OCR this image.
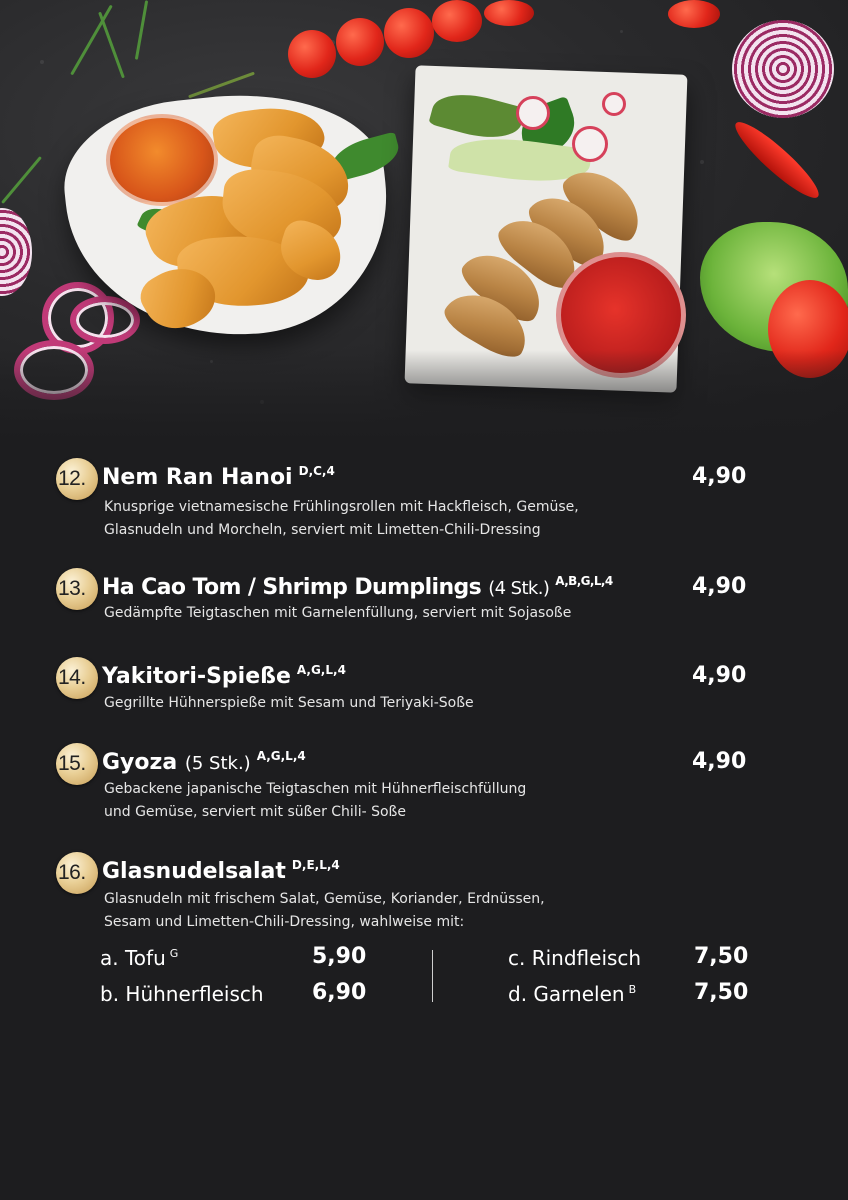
12. Nem Ran Hanoi $^{D,C,4}$	4,90
Knusprige vietnamesische Frühlingsrollen mit Hackfleisch, Gemüse,
Glasnudeln und Morcheln, serviert mit Limetten-Chili-Dressing
13. Ha Cao Tom / Shrimp Dumplings (4 Stk.) $^{A,B,G,L,4}$	4,90
Gedämpfte Teigtaschen mit Garnelenfüllung, serviert mit Sojasoße
14. Yakitori-Spieße $^{A,G,L,4}$	4,90
Gegrillte Hühnerspieße mit Sesam und Teriyaki-Soße
15. Gyoza (5 Stk.) $^{A,G,L,4}$	4,90
Gebackene japanische Teigtaschen mit Hühnerfleischfüllung
und Gemüse, serviert mit süßer Chili- Soße
16. Glasnudelsalat $^{D,E,L,4}$
Glasnudeln mit frischem Salat, Gemüse, Koriander, Erdnüssen,
Sesam und Limetten-Chili-Dressing, wahlweise mit:
a. Tofu $^G$	5,90
b. Hühnerfleisch 6,90
c. Rindfleisch 7,50
d. Garnelen $^B$	7,50
